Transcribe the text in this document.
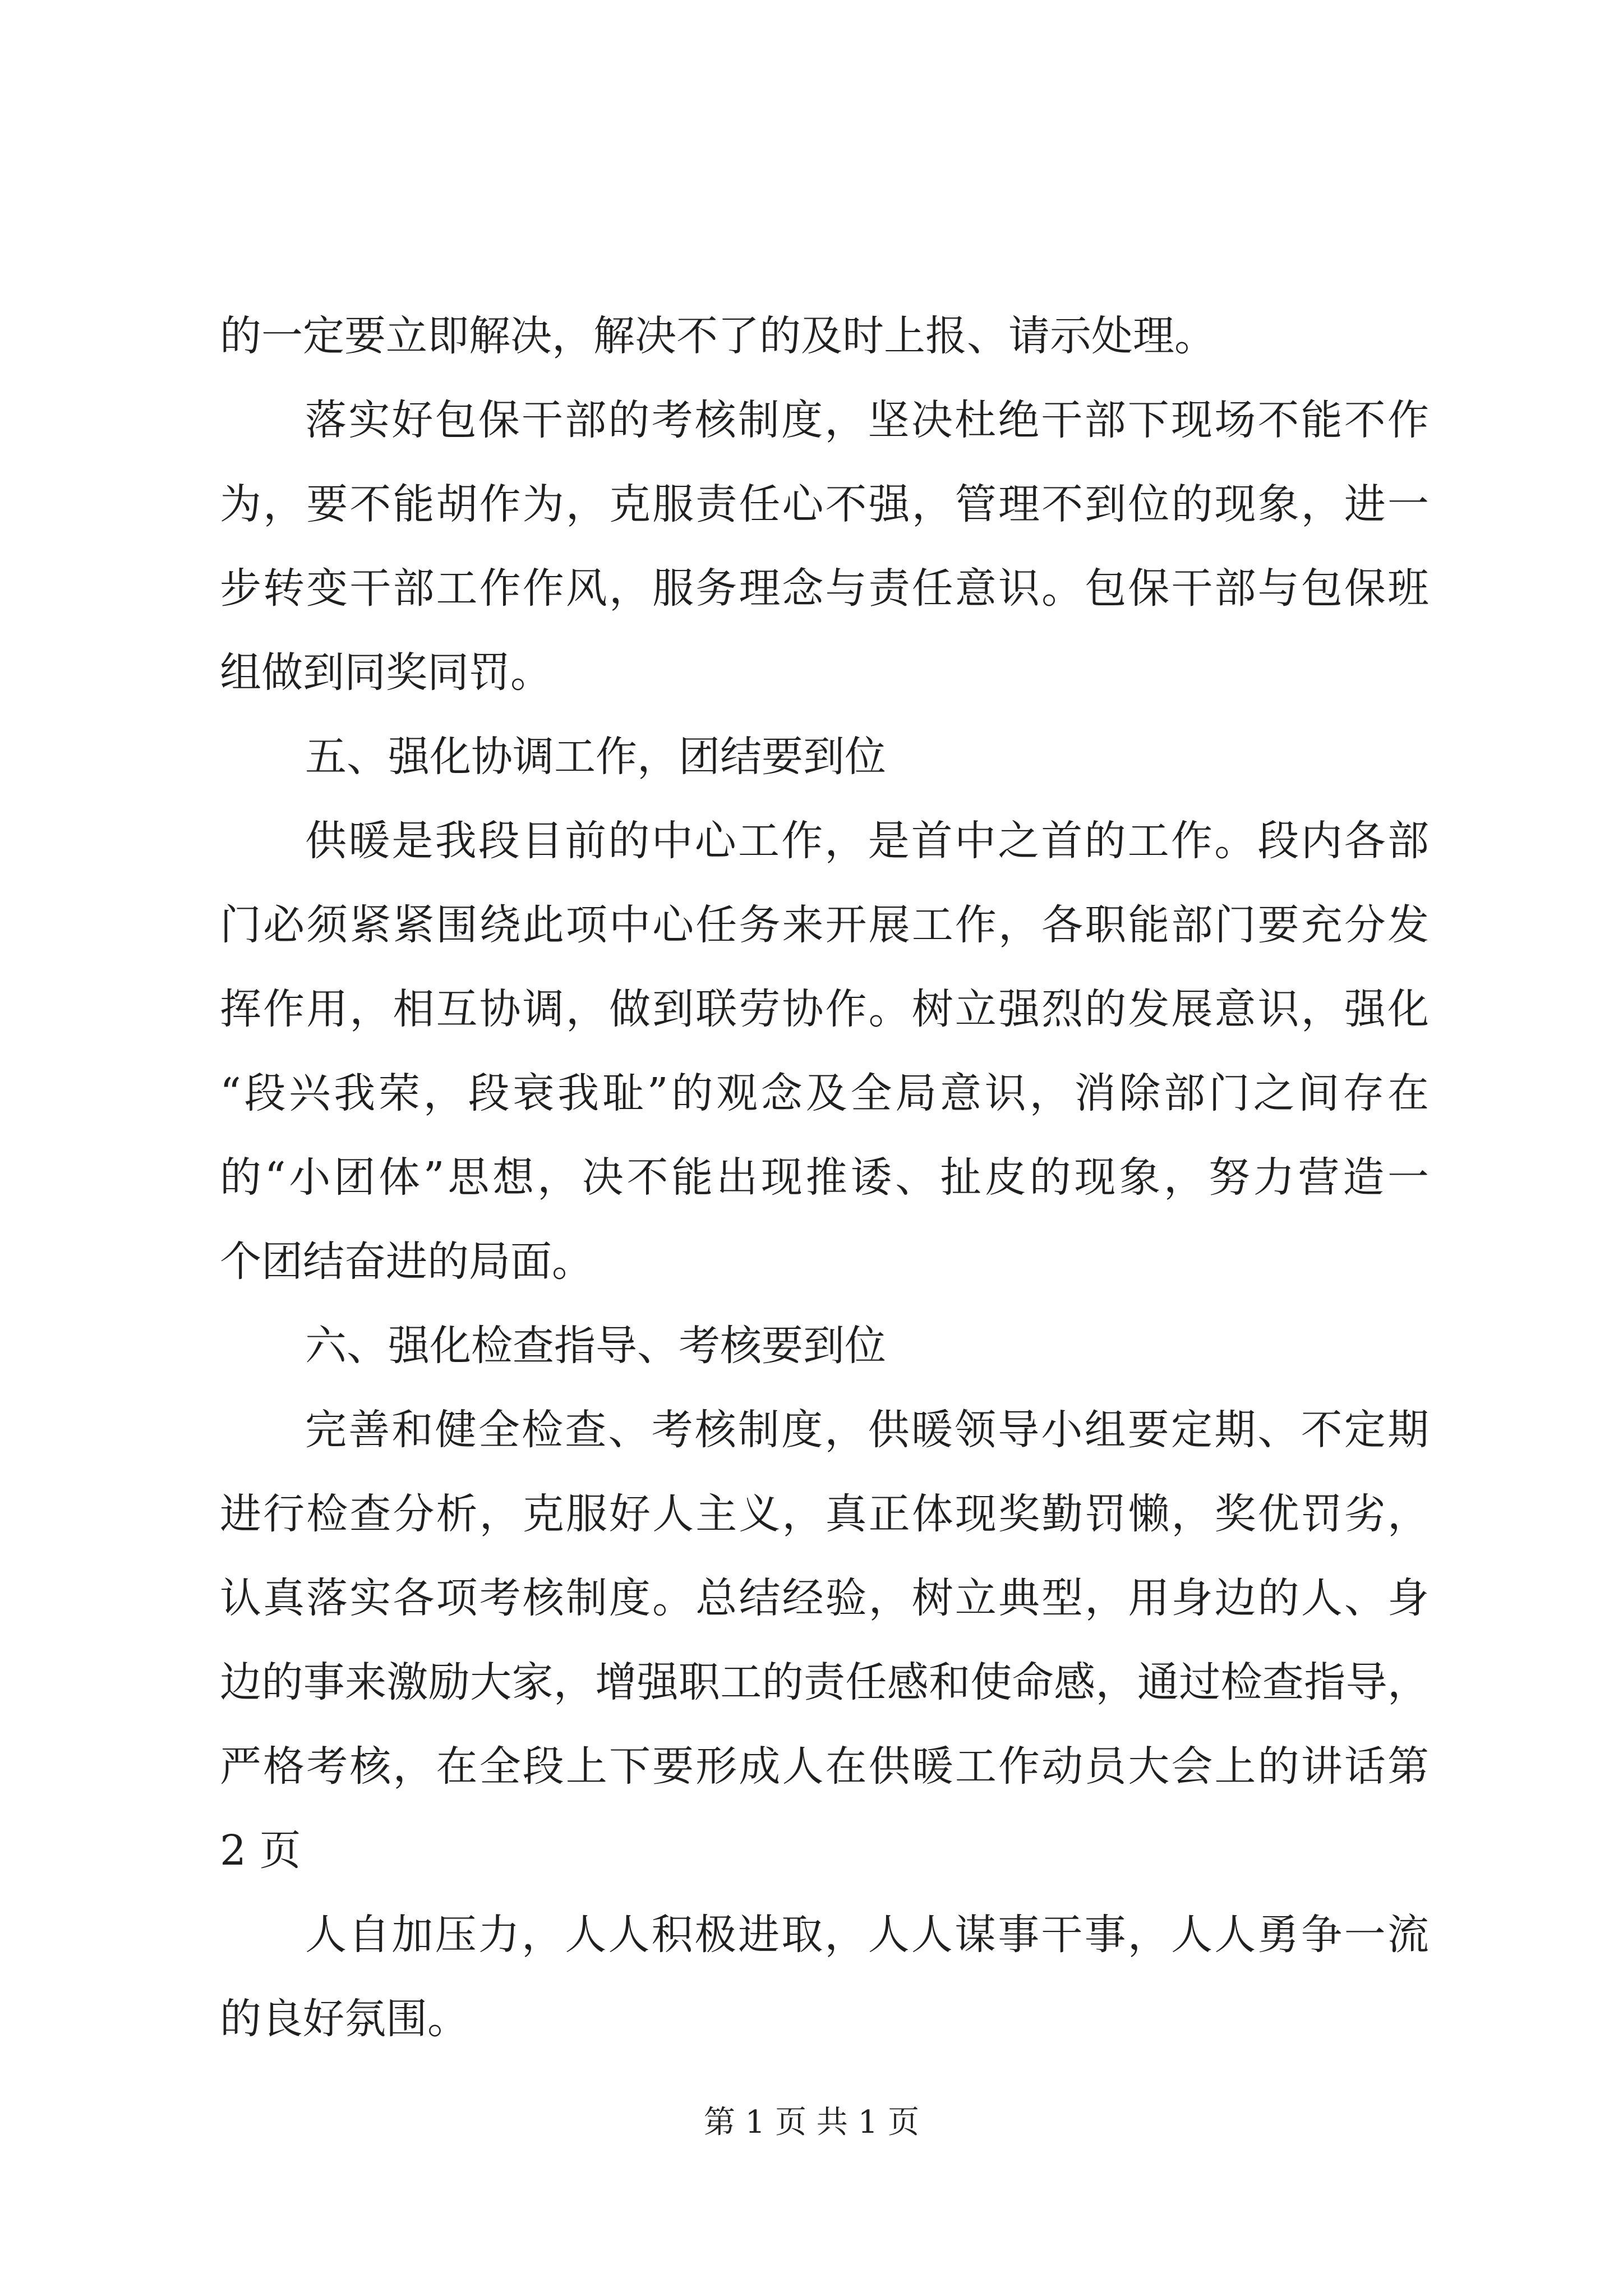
的一定要立即解决，解决不了的及时上报、请示处理。
落实好包保干部的考核制度，坚决杜绝干部下现场不能不作
为，要不能胡作为，克服责任心不强，管理不到位的现象，进一
步转变干部工作作风，服务理念与责任意识。包保干部与包保班
组做到同奖同罚。
五、强化协调工作，团结要到位
供暖是我段目前的中心工作，是首中之首的工作。段内各部
门必须紧紧围绕此项中心任务来开展工作，各职能部门要充分发
挥作用，相互协调，做到联劳协作。树立强烈的发展意识，强化
“段兴我荣，段衰我耻”的观念及全局意识，消除部门之间存在
的“小团体”思想，决不能出现推诿、扯皮的现象，努力营造一
个团结奋进的局面。
六、强化检查指导、考核要到位
完善和健全检查、考核制度，供暖领导小组要定期、不定期
进行检查分析，克服好人主义，真正体现奖勤罚懒，奖优罚劣，
认真落实各项考核制度。总结经验，树立典型，用身边的人、身
边的事来激励大家，增强职工的责任感和使命感，通过检查指导，
严格考核，在全段上下要形成人在供暖工作动员大会上的讲话第
2 页
人自加压力，人人积极进取，人人谋事干事，人人勇争一流
的良好氛围。
第 1 页 共 1 页
